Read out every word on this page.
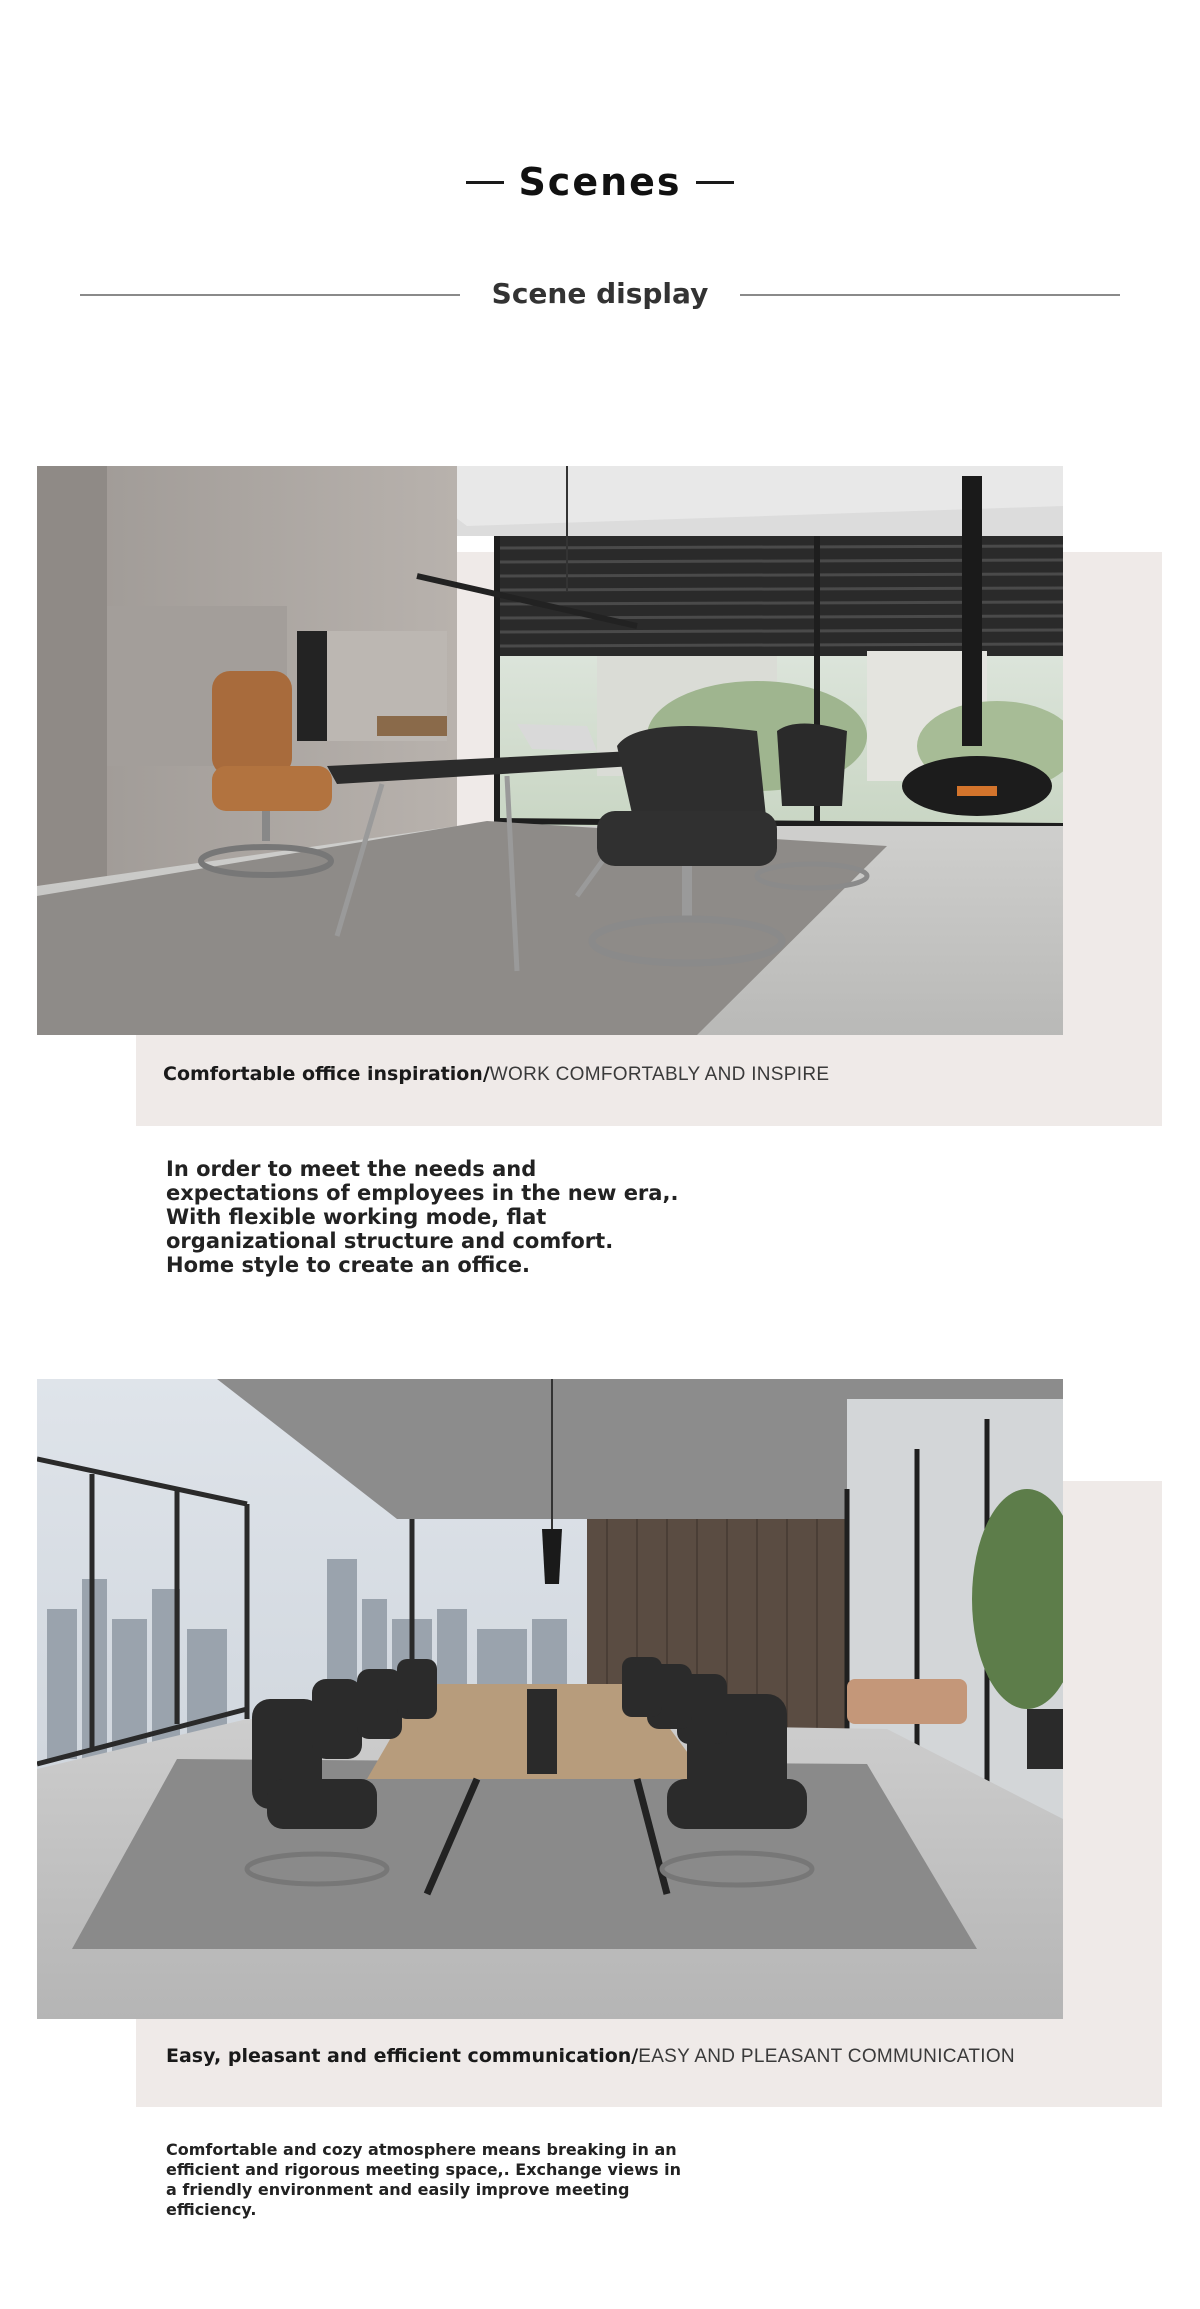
Scenes
Scene display
Comfortable office inspiration/WORK COMFORTABLY AND INSPIRE
In order to meet the needs and expectations of employees in the new era,. With flexible working mode, flat organizational structure and comfort. Home style to create an office.
Easy, pleasant and efficient communication/EASY AND PLEASANT COMMUNICATION
Comfortable and cozy atmosphere means breaking in an efficient and rigorous meeting space,. Exchange views in a friendly environment and easily improve meeting efficiency.
